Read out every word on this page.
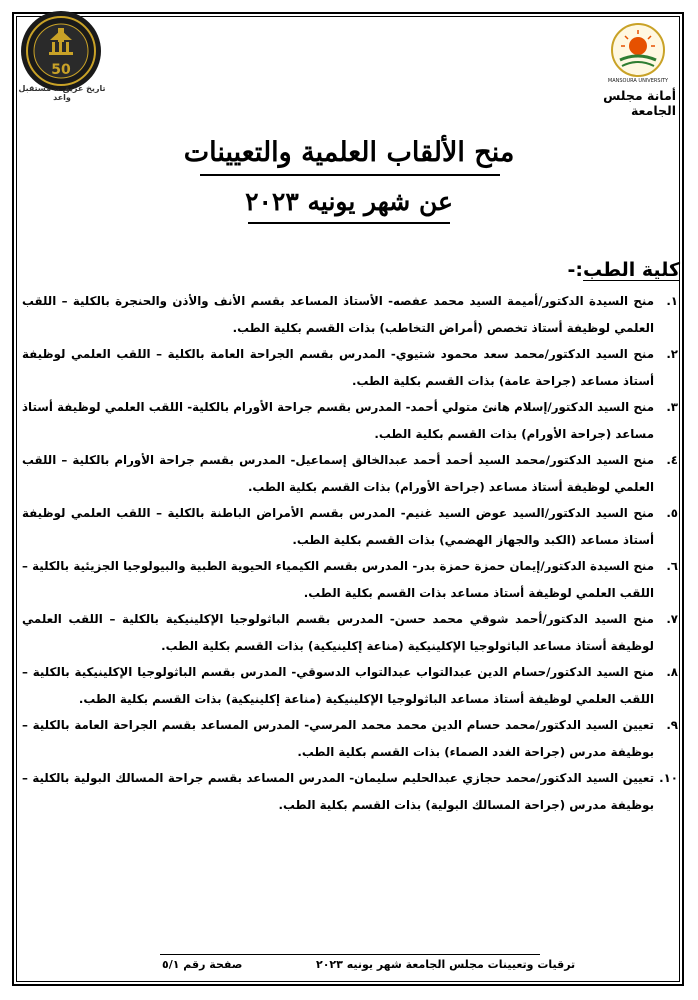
50
تاريخ عريق .. مستقبل واعد
MANSOURA UNIVERSITY
أمانة مجلس الجامعة
منح الألقاب العلمية والتعيينات
عن شهر يونيه ٢٠٢٣
كلية الطب:-
١.
منح السيدة الدكتور/أميمة السيد محمد عفصه- الأستاذ المساعد بقسم الأنف والأذن والحنجرة بالكلية – اللقب العلمي لوظيفة أستاذ تخصص (أمراض التخاطب) بذات القسم بكلية الطب.
٢.
منح السيد الدكتور/محمد سعد محمود شتيوي- المدرس بقسم الجراحة العامة بالكلية – اللقب العلمي لوظيفة أستاذ مساعد (جراحة عامة) بذات القسم بكلية الطب.
٣.
منح السيد الدكتور/إسلام هانئ متولي أحمد- المدرس بقسم جراحة الأورام بالكلية- اللقب العلمي لوظيفة أستاذ مساعد (جراحة الأورام) بذات القسم بكلية الطب.
٤.
منح السيد الدكتور/محمد السيد أحمد أحمد عبدالخالق إسماعيل- المدرس بقسم جراحة الأورام بالكلية – اللقب العلمي لوظيفة أستاذ مساعد (جراحة الأورام) بذات القسم بكلية الطب.
٥.
منح السيد الدكتور/السيد عوض السيد غنيم- المدرس بقسم الأمراض الباطنة بالكلية – اللقب العلمي لوظيفة أستاذ مساعد (الكبد والجهاز الهضمي) بذات القسم بكلية الطب.
٦.
منح السيدة الدكتور/إيمان حمزة حمزة بدر- المدرس بقسم الكيمياء الحيوية الطبية والبيولوجيا الجزيئية بالكلية – اللقب العلمي لوظيفة أستاذ مساعد بذات القسم بكلية الطب.
٧.
منح السيد الدكتور/أحمد شوقي محمد حسن- المدرس بقسم الباثولوجيا الإكلينيكية بالكلية – اللقب العلمي لوظيفة أستاذ مساعد الباثولوجيا الإكلينيكية (مناعة إكلينيكية) بذات القسم بكلية الطب.
٨.
منح السيد الدكتور/حسام الدين عبدالتواب عبدالتواب الدسوقي- المدرس بقسم الباثولوجيا الإكلينيكية بالكلية – اللقب العلمي لوظيفة أستاذ مساعد الباثولوجيا الإكلينيكية (مناعة إكلينيكية) بذات القسم بكلية الطب.
٩.
تعيين السيد الدكتور/محمد حسام الدين محمد محمد المرسي- المدرس المساعد بقسم الجراحة العامة بالكلية – بوظيفة مدرس (جراحة الغدد الصماء) بذات القسم بكلية الطب.
١٠.
تعيين السيد الدكتور/محمد حجازي عبدالحليم سليمان- المدرس المساعد بقسم جراحة المسالك البولية بالكلية – بوظيفة مدرس (جراحة المسالك البولية) بذات القسم بكلية الطب.
ترقيات وتعيينات مجلس الجامعة شهر يونيه ٢٠٢٣
صفحة رقم ٥/١
